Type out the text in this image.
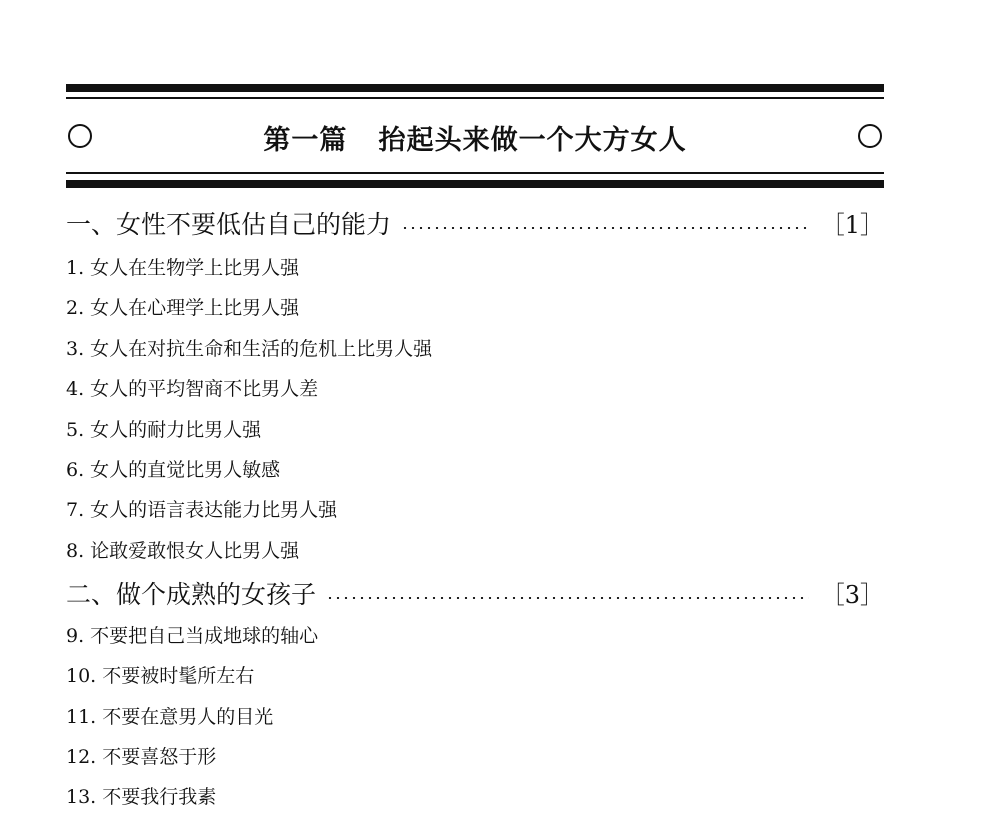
第一篇   抬起头来做一个大方女人
一、女性不要低估自己的能力	［1］
1. 女人在生物学上比男人强
2. 女人在心理学上比男人强
3. 女人在对抗生命和生活的危机上比男人强
4. 女人的平均智商不比男人差
5. 女人的耐力比男人强
6. 女人的直觉比男人敏感
7. 女人的语言表达能力比男人强
8. 论敢爱敢恨女人比男人强
二、做个成熟的女孩子	［3］
9. 不要把自己当成地球的轴心
10. 不要被时髦所左右
11. 不要在意男人的目光
12. 不要喜怒于形
13. 不要我行我素
